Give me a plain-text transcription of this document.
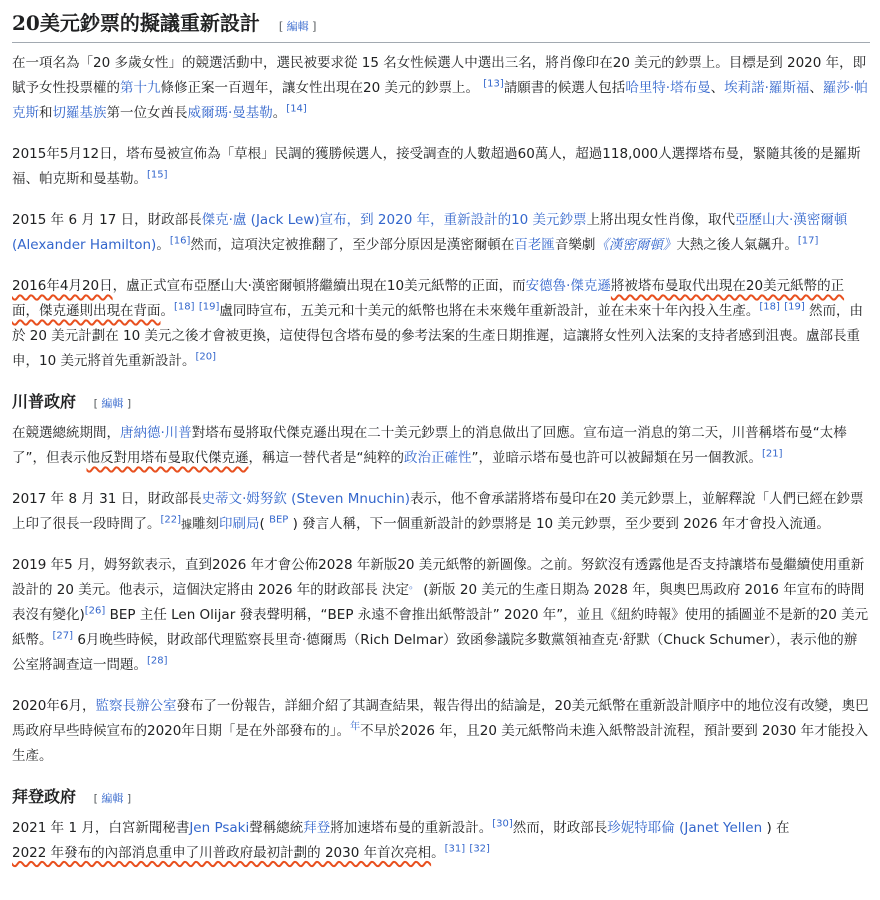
20美元鈔票的擬議重新設計 [ 編輯 ]

在一項名為「20 多歲女性」的競選活動中，選民被要求從 15 名女性候選人中選出三名，將肖像印在20 美元的鈔票上。目標是到 2020 年，即賦予女性投票權的第十九條修正案一百週年，讓女性出現在20 美元的鈔票上。 [13]請願書的候選人包括哈里特·塔布曼、埃莉諾·羅斯福、羅莎·帕克斯和切羅基族第一位女酋長威爾瑪·曼基勒。[14]

2015年5月12日，塔布曼被宣佈為「草根」民調的獲勝候選人，接受調查的人數超過60萬人，超過118,000人選擇塔布曼，緊隨其後的是羅斯福、帕克斯和曼基勒。[15]

2015 年 6 月 17 日，財政部長傑克·盧 (Jack Lew)宣布，到 2020 年，重新設計的10 美元鈔票上將出現女性肖像，取代亞歷山大·漢密爾頓 (Alexander Hamilton)。[16]然而，這項決定被推翻了，至少部分原因是漢密爾頓在百老匯音樂劇《漢密爾頓》大熱之後人氣飆升。[17]

2016年4月20日，盧正式宣布亞歷山大·漢密爾頓將繼續出現在10美元紙幣的正面，而安德魯·傑克遜將被塔布曼取代出現在20美元紙幣的正面，傑克遜則出現在背面。[18] [19]盧同時宣布，五美元和十美元的紙幣也將在未來幾年重新設計，並在未來十年內投入生產。[18] [19] 然而，由於 20 美元計劃在 10 美元之後才會被更換，這使得包含塔布曼的參考法案的生產日期推遲，這讓將女性列入法案的支持者感到沮喪。盧部長重申，10 美元將首先重新設計。[20]

川普政府 [ 編輯 ]

在競選總統期間，唐納德·川普對塔布曼將取代傑克遜出現在二十美元鈔票上的消息做出了回應。宣布這一消息的第二天，川普稱塔布曼“太棒了”，但表示他反對用塔布曼取代傑克遜，稱這一替代者是“純粹的政治正確性”，並暗示塔布曼也許可以被歸類在另一個教派。[21]

2017 年 8 月 31 日，財政部長史蒂文·姆努欽 (Steven Mnuchin)表示，他不會承諾將塔布曼印在20 美元鈔票上，並解釋說「人們已經在鈔票上印了很長一段時間了。[22]據雕刻印刷局( $^{BEP}$ ) 發言人稱，下一個重新設計的鈔票將是 10 美元鈔票，至少要到 2026 年才會投入流通。

2019 年5 月，姆努欽表示，直到2026 年才會公佈2028 年新版20 美元紙幣的新圖像。之前。努欽沒有透露他是否支持讓塔布曼繼續使用重新設計的 20 美元。他表示，這個決定將由 2026 年的財政部長 決定。 (新版 20 美元的生產日期為 2028 年，與奧巴馬政府 2016 年宣布的時間表沒有變化)[26] BEP 主任 Len Olijar 發表聲明稱，“BEP 永遠不會推出紙幣設計” 2020 年”，並且《紐約時報》使用的插圖並不是新的20 美元紙幣。[27] 6月晚些時候，財政部代理監察長里奇·德爾馬（Rich Delmar）致函參議院多數黨領袖查克·舒默（Chuck Schumer），表示他的辦公室將調查這一問題。[28]

2020年6月，監察長辦公室發布了一份報告，詳細介紹了其調查結果，報告得出的結論是，20美元紙幣在重新設計順序中的地位沒有改變，奧巴馬政府早些時候宣布的2020年日期「是在外部發布的」。$^年$不早於2026 年，且20 美元紙幣尚未進入紙幣設計流程，預計要到 2030 年才能投入生產。

拜登政府 [ 編輯 ]

2021 年 1 月，白宮新聞秘書Jen Psaki聲稱總統拜登將加速塔布曼的重新設計。[30]然而，財政部長珍妮特耶倫 (Janet Yellen ) 在
2022 年發布的內部消息重申了川普政府最初計劃的 2030 年首次亮相。[31] [32]
